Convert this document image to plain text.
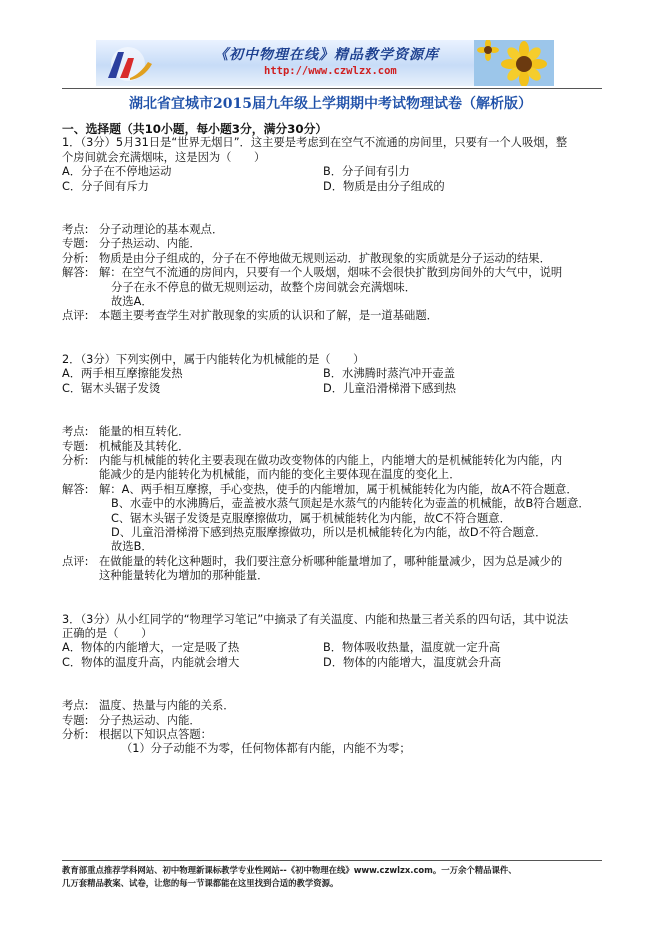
《初中物理在线》精品教学资源库
http://www.czwlzx.com
湖北省宜城市2015届九年级上学期期中考试物理试卷（解析版）
一、选择题（共10小题，每小题3分，满分30分）
1．（3分）5月31日是“世界无烟日”．这主要是考虑到在空气不流通的房间里，只要有一个人吸烟，整
个房间就会充满烟味，这是因为（　　）
A．分子在不停地运动	B．分子间有引力
C．分子间有斥力	D．物质是由分子组成的
考点: 分子动理论的基本观点．
专题: 分子热运动、内能．
分析: 物质是由分子组成的，分子在不停地做无规则运动．扩散现象的实质就是分子运动的结果．
解答: 解：在空气不流通的房间内，只要有一个人吸烟，烟味不会很快扩散到房间外的大气中，说明
分子在永不停息的做无规则运动，故整个房间就会充满烟味．
故选A．
点评: 本题主要考查学生对扩散现象的实质的认识和了解，是一道基础题．
2．（3分）下列实例中，属于内能转化为机械能的是（　　）
A．两手相互摩擦能发热	B．水沸腾时蒸汽冲开壶盖
C．锯木头锯子发烫	D．儿童沿滑梯滑下感到热
考点: 能量的相互转化．
专题: 机械能及其转化．
分析: 内能与机械能的转化主要表现在做功改变物体的内能上，内能增大的是机械能转化为内能，内
能减少的是内能转化为机械能，而内能的变化主要体现在温度的变化上．
解答: 解：A、两手相互摩擦，手心变热，使手的内能增加，属于机械能转化为内能，故A不符合题意．
B、水壶中的水沸腾后，壶盖被水蒸气顶起是水蒸气的内能转化为壶盖的机械能，故B符合题意．
C、锯木头锯子发烫是克服摩擦做功，属于机械能转化为内能，故C不符合题意．
D、儿童沿滑梯滑下感到热克服摩擦做功，所以是机械能转化为内能，故D不符合题意．
故选B．
点评: 在做能量的转化这种题时，我们要注意分析哪种能量增加了，哪种能量减少，因为总是减少的
这种能量转化为增加的那种能量．
3．（3分）从小红同学的“物理学习笔记”中摘录了有关温度、内能和热量三者关系的四句话，其中说法
正确的是（　　）
A．物体的内能增大，一定是吸了热	B．物体吸收热量，温度就一定升高
C．物体的温度升高，内能就会增大	D．物体的内能增大，温度就会升高
考点: 温度、热量与内能的关系．
专题: 分子热运动、内能．
分析: 根据以下知识点答题：
（1）分子动能不为零，任何物体都有内能，内能不为零；
教育部重点推荐学科网站、初中物理新课标教学专业性网站--《初中物理在线》www.czwlzx.com。一万余个精品课件、
几万套精品教案、试卷，让您的每一节课都能在这里找到合适的教学资源。
